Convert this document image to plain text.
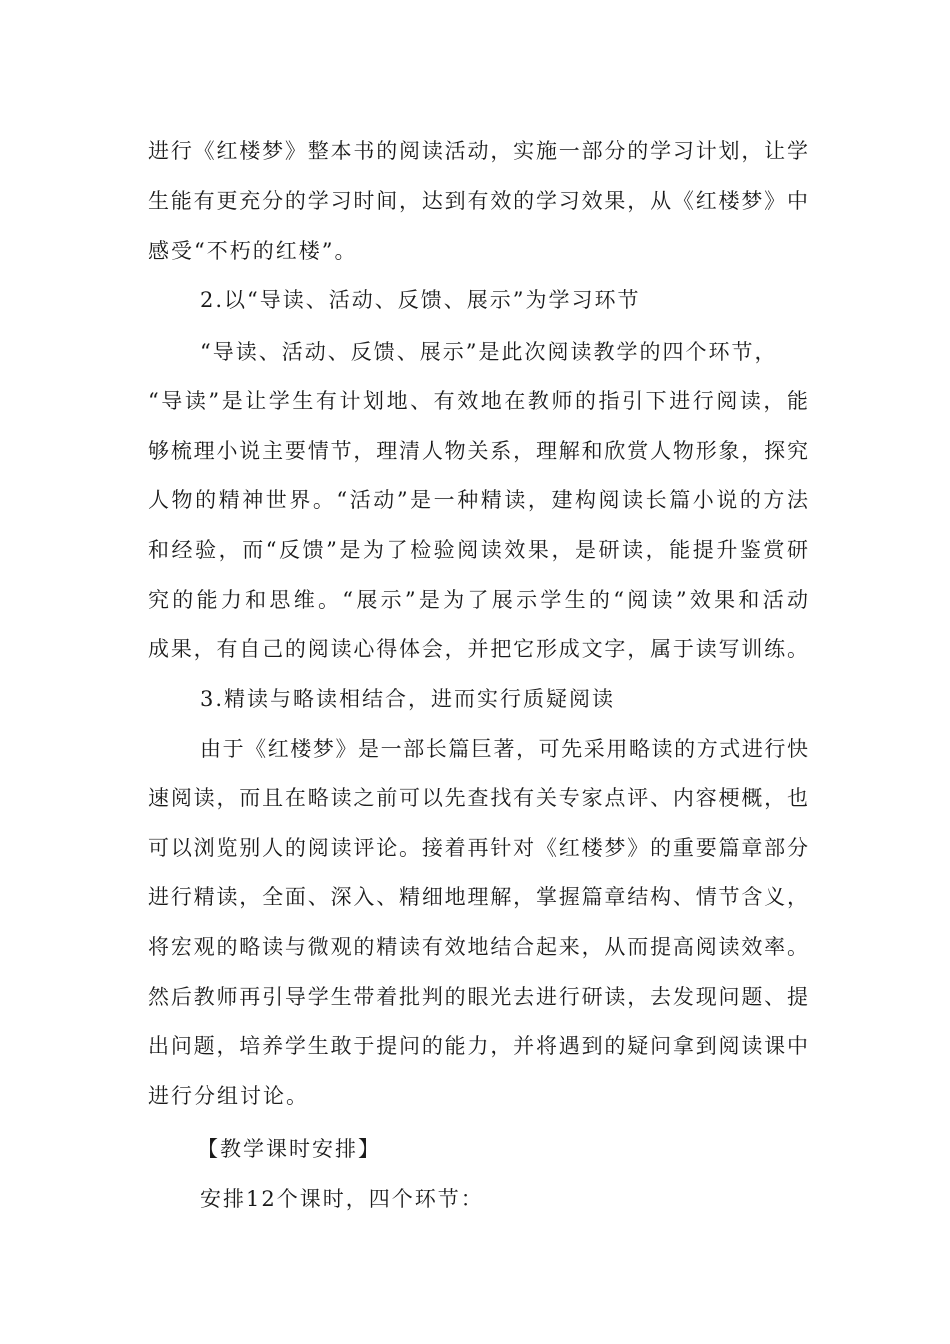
进行《红楼梦》整本书的阅读活动，实施一部分的学习计划，让学
生能有更充分的学习时间，达到有效的学习效果，从《红楼梦》中
感受“不朽的红楼”。
2.以“导读、活动、反馈、展示”为学习环节
“导读、活动、反馈、展示”是此次阅读教学的四个环节，
“导读”是让学生有计划地、有效地在教师的指引下进行阅读，能
够梳理小说主要情节，理清人物关系，理解和欣赏人物形象，探究
人物的精神世界。“活动”是一种精读，建构阅读长篇小说的方法
和经验，而“反馈”是为了检验阅读效果，是研读，能提升鉴赏研
究的能力和思维。“展示”是为了展示学生的“阅读”效果和活动
成果，有自己的阅读心得体会，并把它形成文字，属于读写训练。
3.精读与略读相结合，进而实行质疑阅读
由于《红楼梦》是一部长篇巨著，可先采用略读的方式进行快
速阅读，而且在略读之前可以先查找有关专家点评、内容梗概，也
可以浏览别人的阅读评论。接着再针对《红楼梦》的重要篇章部分
进行精读，全面、深入、精细地理解，掌握篇章结构、情节含义，
将宏观的略读与微观的精读有效地结合起来，从而提高阅读效率。
然后教师再引导学生带着批判的眼光去进行研读，去发现问题、提
出问题，培养学生敢于提问的能力，并将遇到的疑问拿到阅读课中
进行分组讨论。
【教学课时安排】
安排12个课时，四个环节：
